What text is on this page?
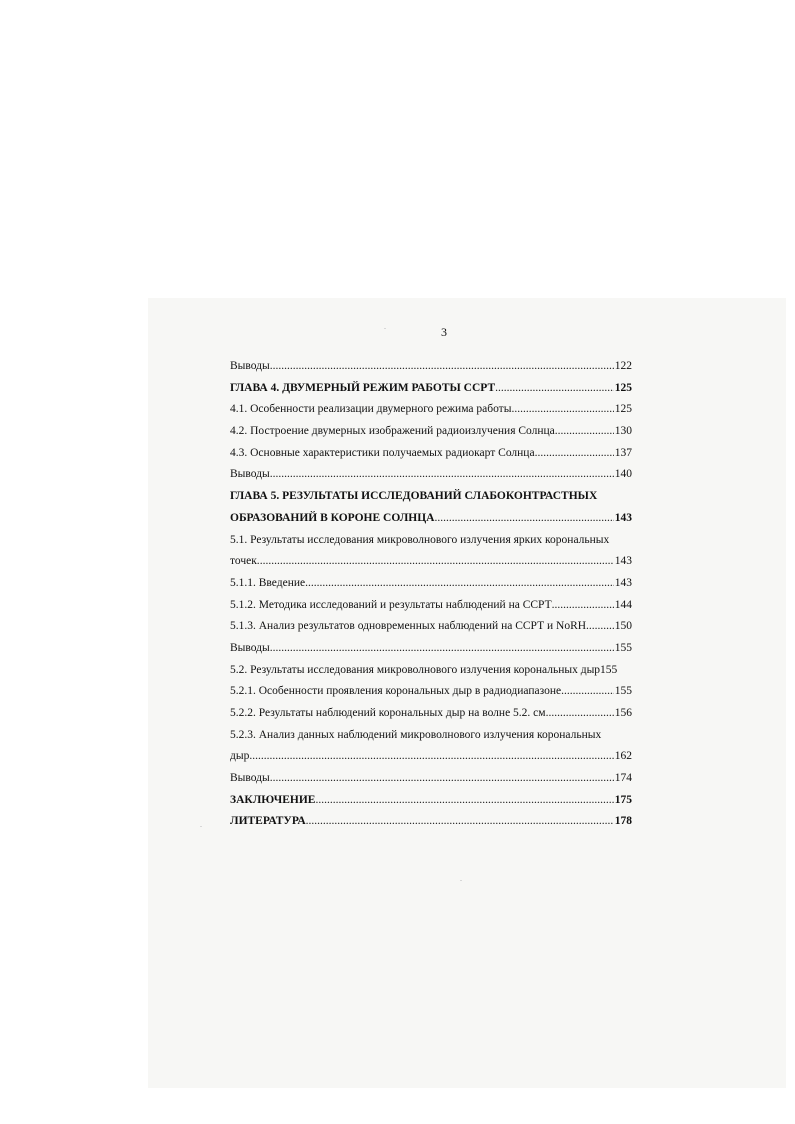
3
Выводы .....	122
ГЛАВА 4. ДВУМЕРНЫЙ РЕЖИМ РАБОТЫ ССРТ .....	125
4.1. Особенности реализации двумерного режима работы .....	125
4.2. Построение двумерных изображений радиоизлучения Солнца .....	130
4.3. Основные характеристики получаемых радиокарт Солнца .....	137
Выводы .....	140
ГЛАВА 5. РЕЗУЛЬТАТЫ ИССЛЕДОВАНИЙ СЛАБОКОНТРАСТНЫХ
ОБРАЗОВАНИЙ В КОРОНЕ СОЛНЦА .....	143
5.1. Результаты исследования микроволнового излучения ярких корональных
точек. .....	143
5.1.1. Введение .....	143
5.1.2. Методика исследований и результаты наблюдений на ССРТ .....	144
5.1.3. Анализ результатов одновременных наблюдений на ССРТ и NoRH ..... 150
Выводы .....	155
5.2. Результаты исследования микроволнового излучения корональных дыр155
5.2.1. Особенности проявления корональных дыр в радиодиапазоне. .....	155
5.2.2. Результаты наблюдений корональных дыр на волне 5.2. см .....	156
5.2.3. Анализ данных наблюдений микроволнового излучения корональных
дыр .....	162
Выводы .....	174
ЗАКЛЮЧЕНИЕ .....	175
ЛИТЕРАТУРА .....	178
